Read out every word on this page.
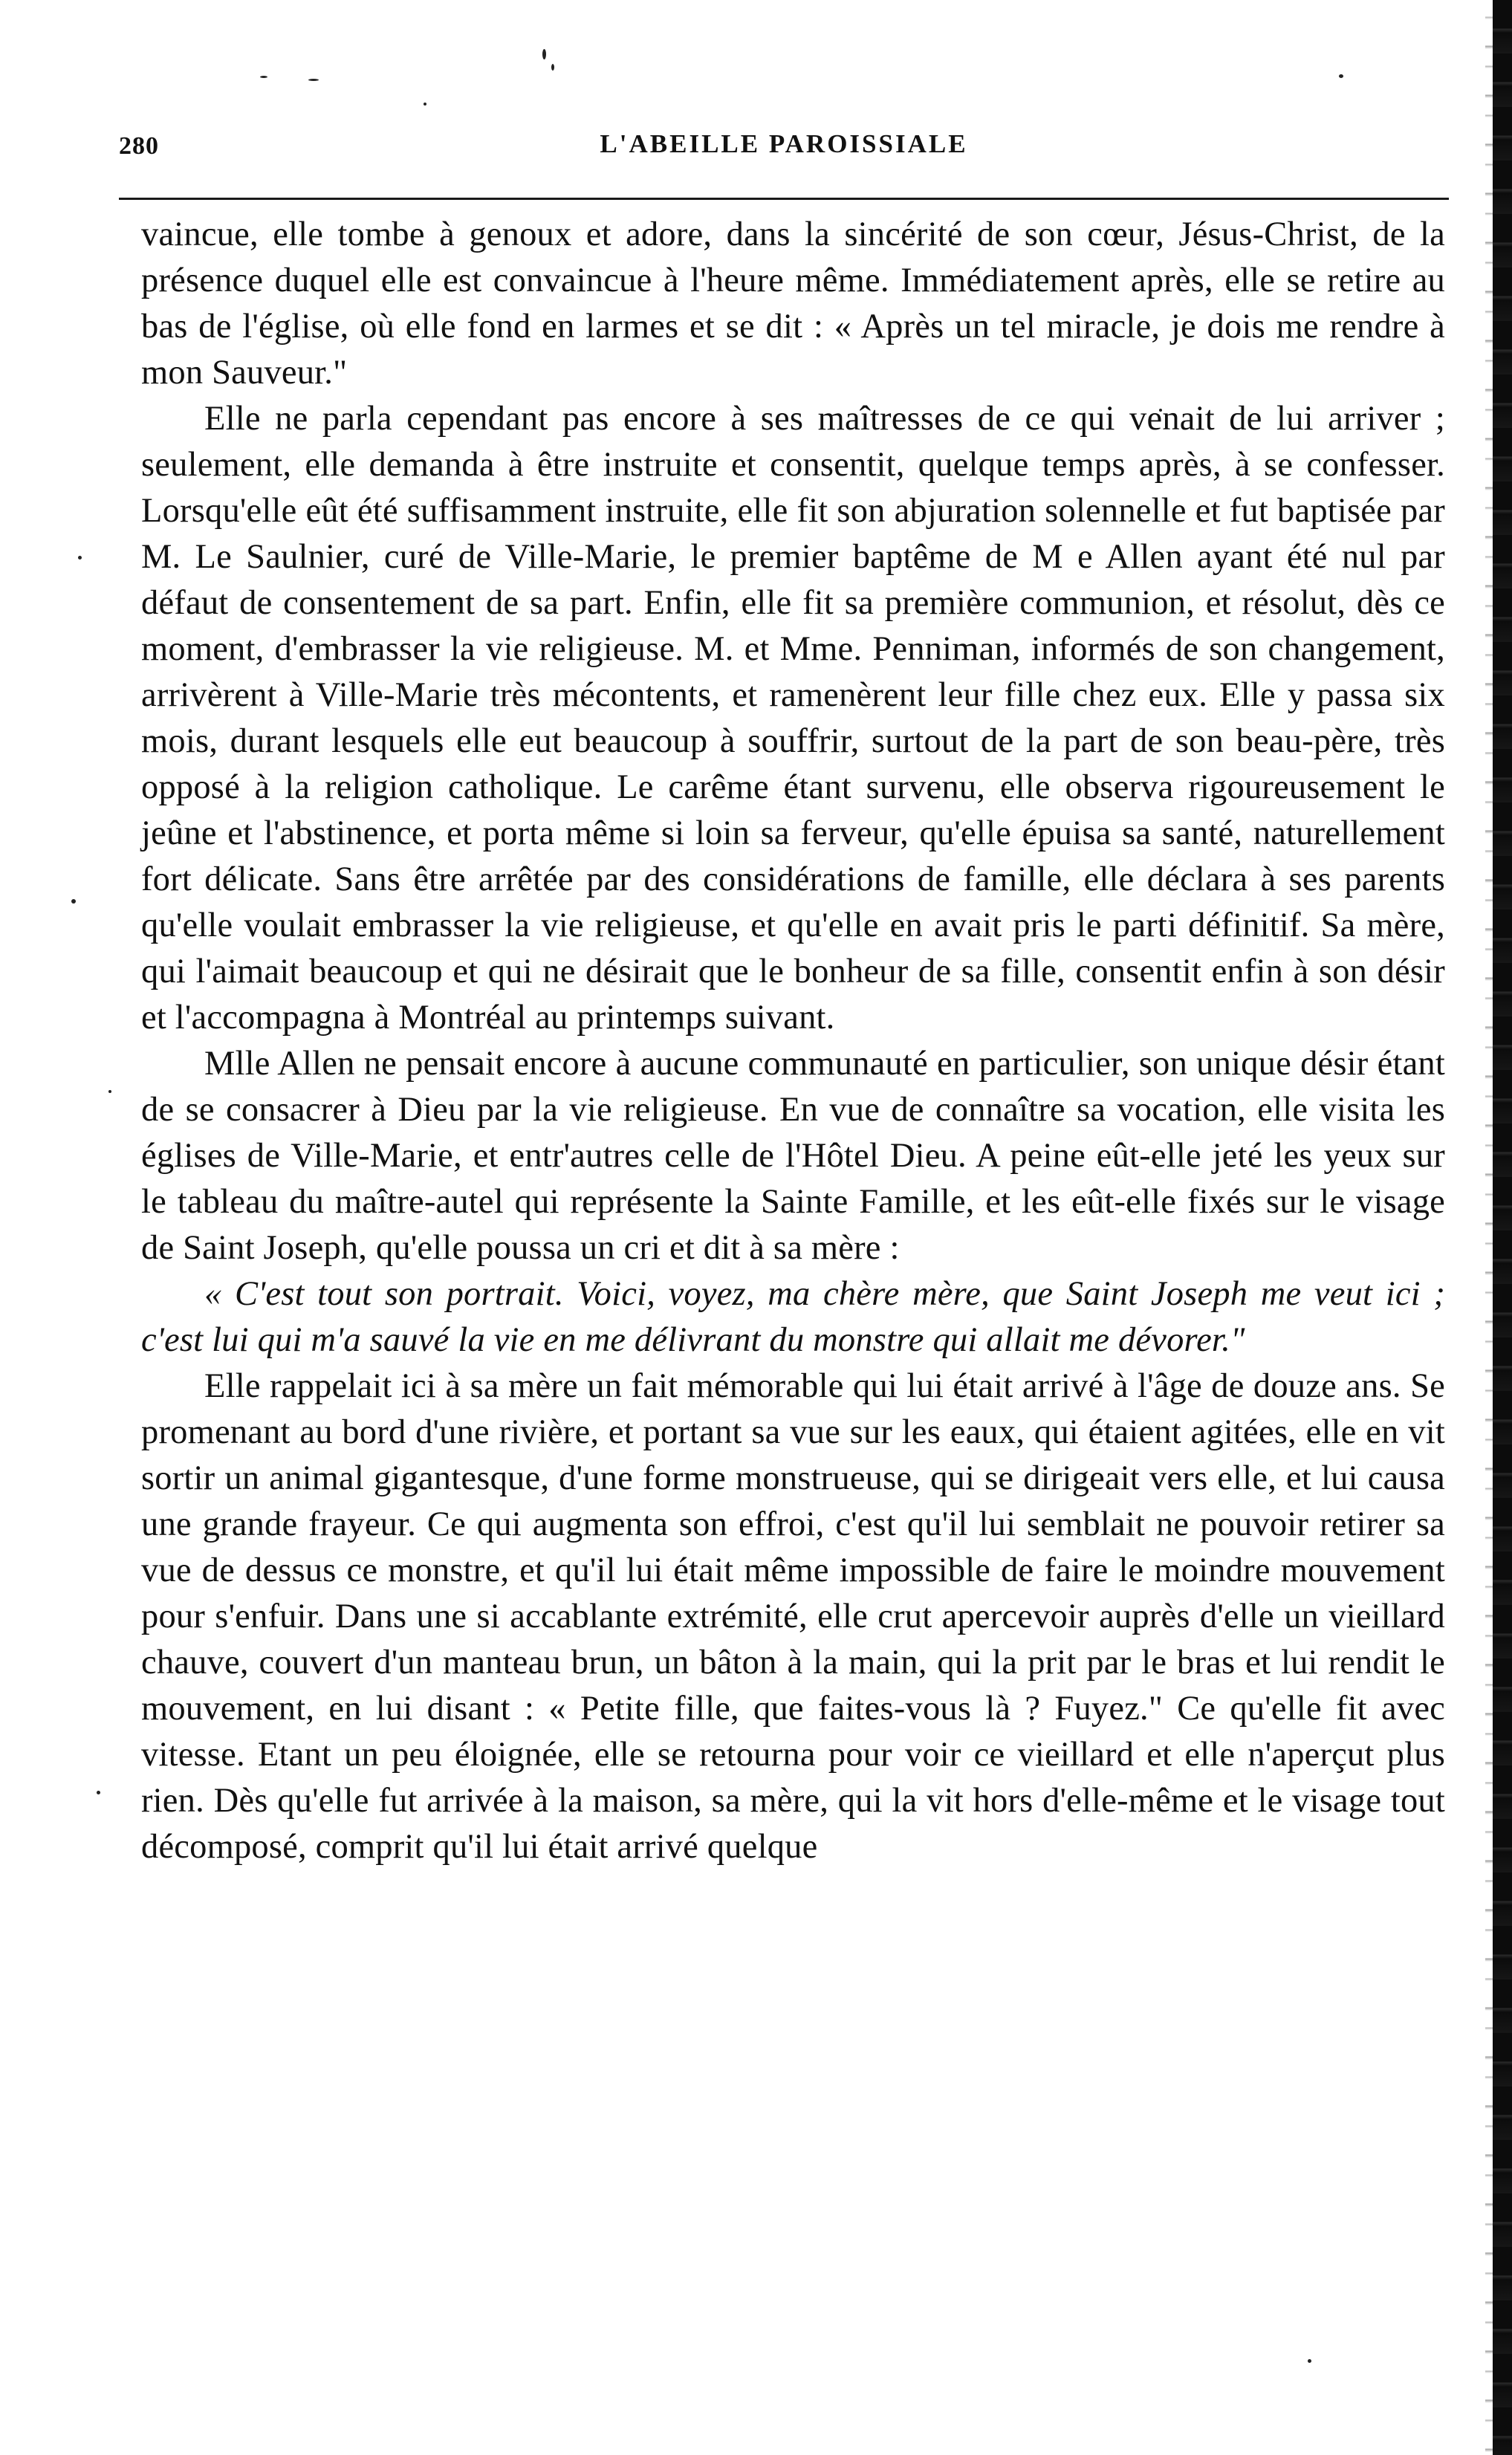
280	L'ABEILLE PAROISSIALE

vaincue, elle tombe à genoux et adore, dans la sincérité de son cœur, Jésus-Christ, de la présence duquel elle est convaincue à l'heure même. Immédiatement après, elle se retire au bas de l'église, où elle fond en larmes et se dit : « Après un tel miracle, je dois me rendre à mon Sauveur."

Elle ne parla cependant pas encore à ses maîtresses de ce qui venait de lui arriver ; seulement, elle demanda à être instruite et consentit, quelque temps après, à se confesser. Lorsqu'elle eût été suffisamment instruite, elle fit son abjuration solennelle et fut baptisée par M. Le Saulnier, curé de Ville-Marie, le premier baptême de M e Allen ayant été nul par défaut de consentement de sa part. Enfin, elle fit sa première communion, et résolut, dès ce moment, d'embrasser la vie religieuse. M. et Mme. Penniman, informés de son changement, arrivèrent à Ville-Marie très mécontents, et ramenèrent leur fille chez eux. Elle y passa six mois, durant lesquels elle eut beaucoup à souffrir, surtout de la part de son beau-père, très opposé à la religion catholique. Le carême étant survenu, elle observa rigoureusement le jeûne et l'abstinence, et porta même si loin sa ferveur, qu'elle épuisa sa santé, naturellement fort délicate. Sans être arrêtée par des considérations de famille, elle déclara à ses parents qu'elle voulait embrasser la vie religieuse, et qu'elle en avait pris le parti définitif. Sa mère, qui l'aimait beaucoup et qui ne désirait que le bonheur de sa fille, consentit enfin à son désir et l'accompagna à Montréal au printemps suivant.

Mlle Allen ne pensait encore à aucune communauté en particulier, son unique désir étant de se consacrer à Dieu par la vie religieuse. En vue de connaître sa vocation, elle visita les églises de Ville-Marie, et entr'autres celle de l'Hôtel Dieu. A peine eût-elle jeté les yeux sur le tableau du maître-autel qui représente la Sainte Famille, et les eût-elle fixés sur le visage de Saint Joseph, qu'elle poussa un cri et dit à sa mère :

« C'est tout son portrait. Voici, voyez, ma chère mère, que Saint Joseph me veut ici ; c'est lui qui m'a sauvé la vie en me délivrant du monstre qui allait me dévorer."

Elle rappelait ici à sa mère un fait mémorable qui lui était arrivé à l'âge de douze ans. Se promenant au bord d'une rivière, et portant sa vue sur les eaux, qui étaient agitées, elle en vit sortir un animal gigantesque, d'une forme monstrueuse, qui se dirigeait vers elle, et lui causa une grande frayeur. Ce qui augmenta son effroi, c'est qu'il lui semblait ne pouvoir retirer sa vue de dessus ce monstre, et qu'il lui était même impossible de faire le moindre mouvement pour s'enfuir. Dans une si accablante extrémité, elle crut apercevoir auprès d'elle un vieillard chauve, couvert d'un manteau brun, un bâton à la main, qui la prit par le bras et lui rendit le mouvement, en lui disant : « Petite fille, que faites-vous là ? Fuyez." Ce qu'elle fit avec vitesse. Etant un peu éloignée, elle se retourna pour voir ce vieillard et elle n'aperçut plus rien. Dès qu'elle fut arrivée à la maison, sa mère, qui la vit hors d'elle-même et le visage tout décomposé, comprit qu'il lui était arrivé quelque
